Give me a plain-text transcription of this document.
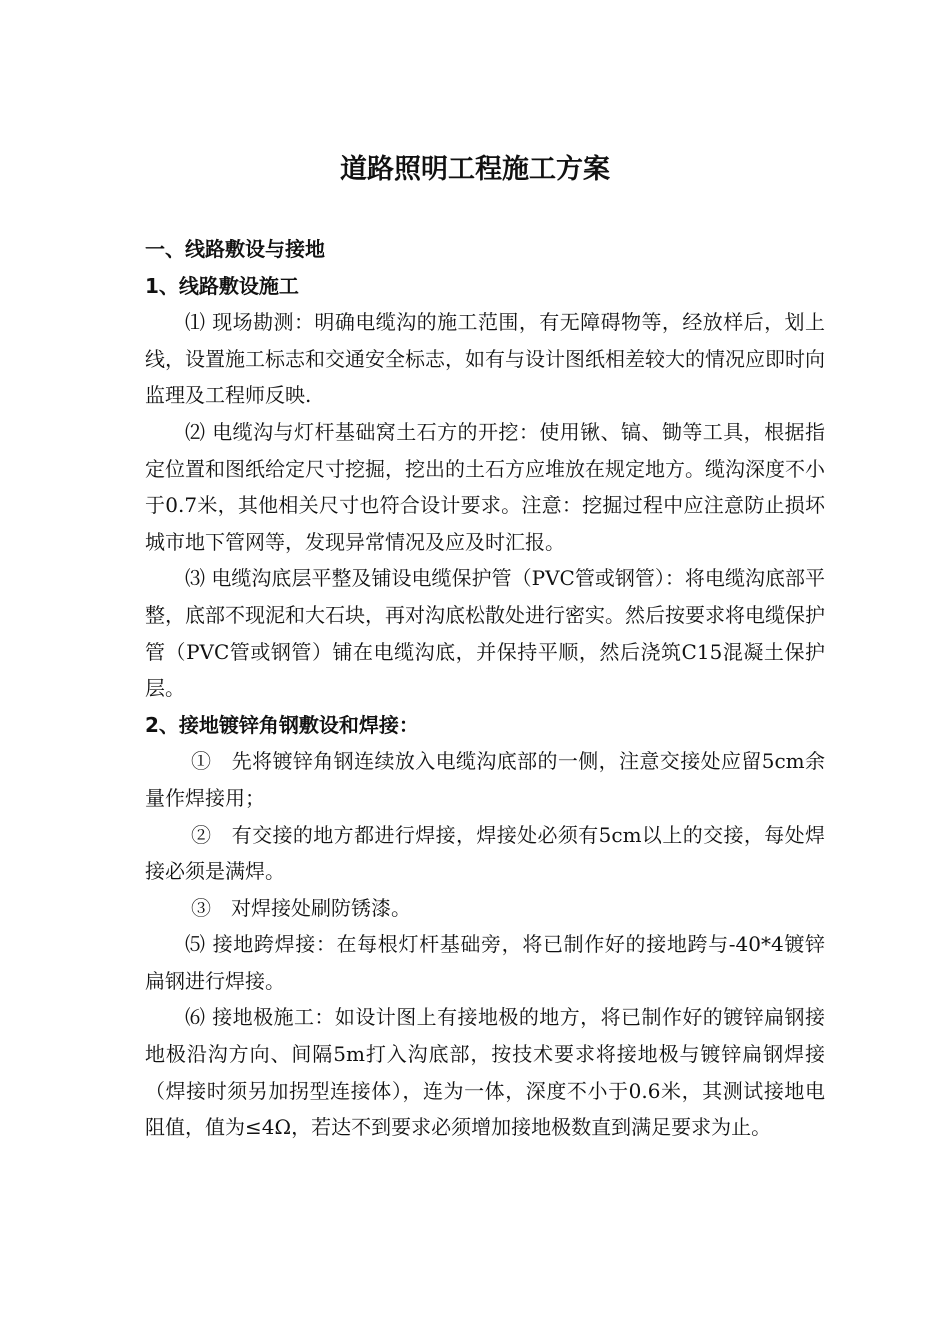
道路照明工程施工方案

一、线路敷设与接地

1、线路敷设施工

⑴ 现场勘测：明确电缆沟的施工范围，有无障碍物等，经放样后，划上线，设置施工标志和交通安全标志，如有与设计图纸相差较大的情况应即时向监理及工程师反映.

⑵ 电缆沟与灯杆基础窝土石方的开挖：使用锹、镐、锄等工具，根据指定位置和图纸给定尺寸挖掘，挖出的土石方应堆放在规定地方。缆沟深度不小于0.7米，其他相关尺寸也符合设计要求。注意：挖掘过程中应注意防止损坏城市地下管网等，发现异常情况及应及时汇报。

⑶ 电缆沟底层平整及铺设电缆保护管（PVC管或钢管）：将电缆沟底部平整，底部不现泥和大石块，再对沟底松散处进行密实。然后按要求将电缆保护管（PVC管或钢管）铺在电缆沟底，并保持平顺，然后浇筑C15混凝土保护层。

2、接地镀锌角钢敷设和焊接：

①　先将镀锌角钢连续放入电缆沟底部的一侧，注意交接处应留5cm余量作焊接用；

②　有交接的地方都进行焊接，焊接处必须有5cm以上的交接，每处焊接必须是满焊。

③　对焊接处刷防锈漆。

⑸ 接地跨焊接：在每根灯杆基础旁，将已制作好的接地跨与-40*4镀锌扁钢进行焊接。

⑹ 接地极施工：如设计图上有接地极的地方，将已制作好的镀锌扁钢接地极沿沟方向、间隔5m打入沟底部，按技术要求将接地极与镀锌扁钢焊接（焊接时须另加拐型连接体），连为一体，深度不小于0.6米，其测试接地电阻值，值为≤4Ω，若达不到要求必须增加接地极数直到满足要求为止。
